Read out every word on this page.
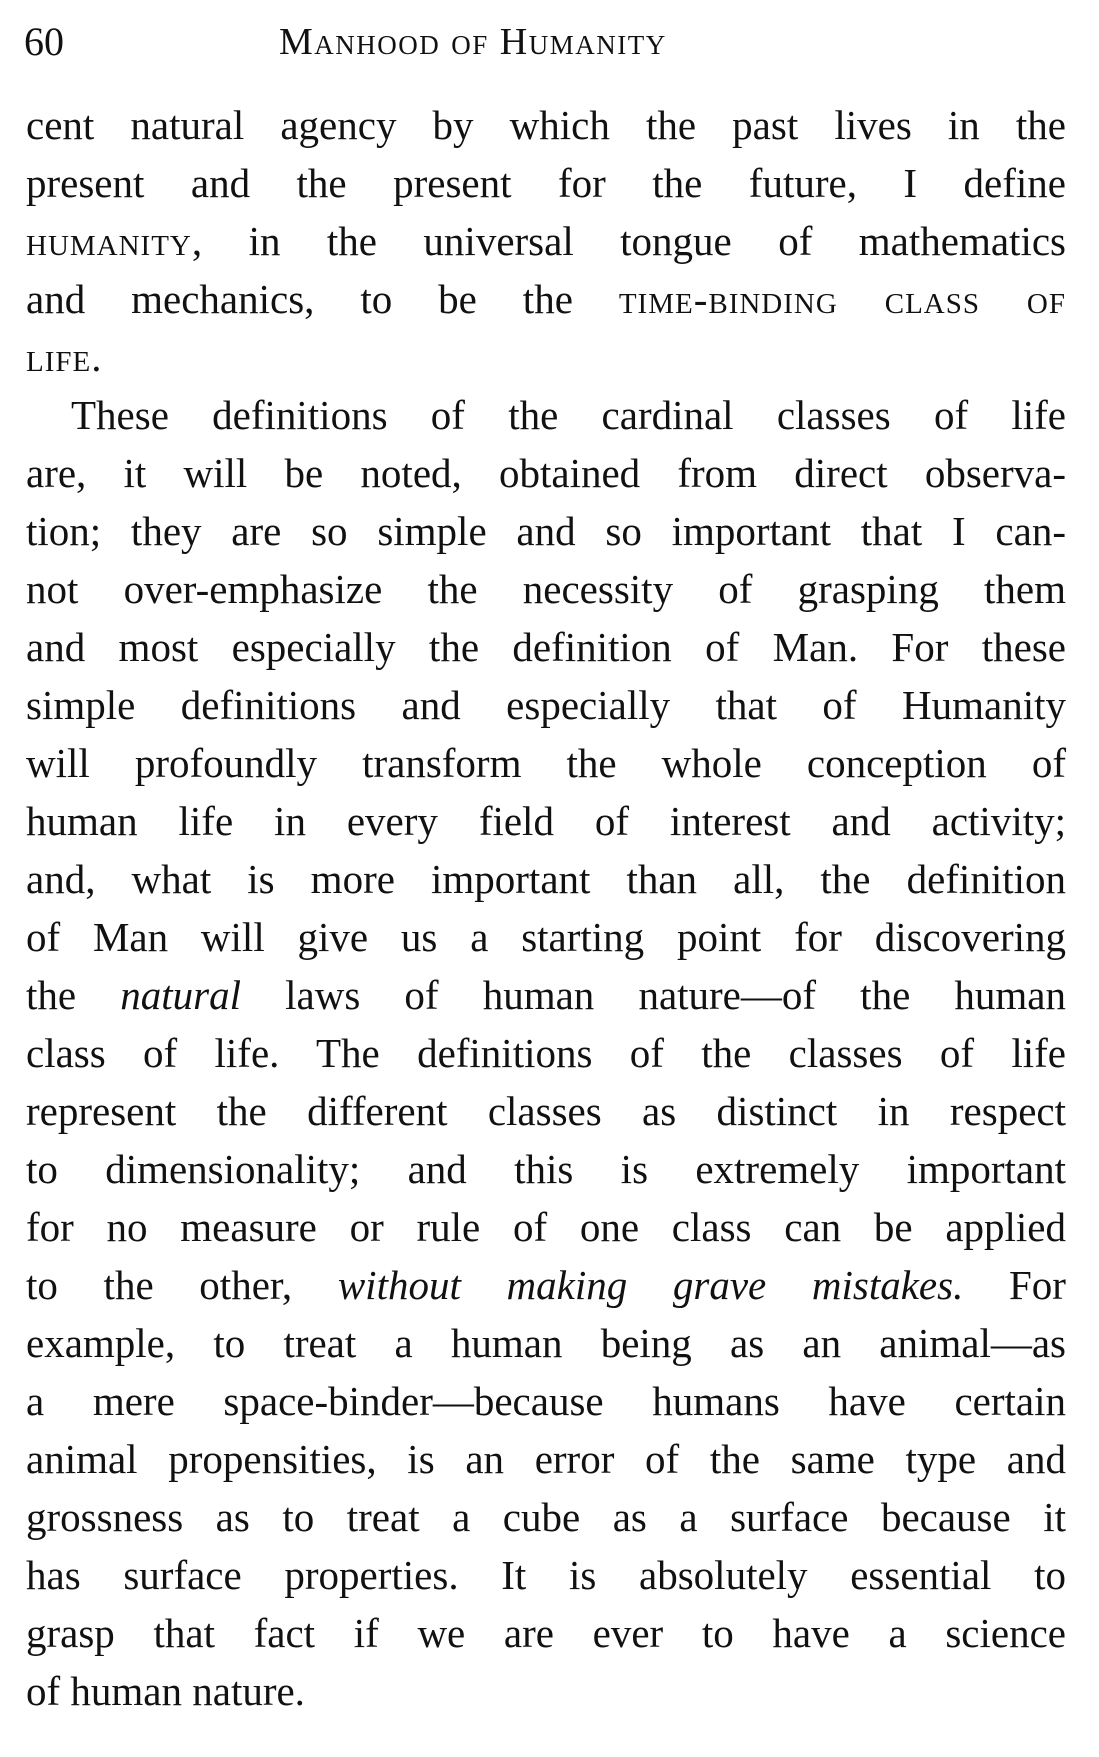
60	Manhood of Humanity
cent natural agency by which the past lives in the
present and the present for the future, I define
humanity, in the universal tongue of mathematics
and mechanics, to be the time-binding class of
life.
These definitions of the cardinal classes of life
are, it will be noted, obtained from direct observa-
tion; they are so simple and so important that I can-
not over-emphasize the necessity of grasping them
and most especially the definition of Man. For these
simple definitions and especially that of Humanity
will profoundly transform the whole conception of
human life in every field of interest and activity;
and, what is more important than all, the definition
of Man will give us a starting point for discovering
the natural laws of human nature—of the human
class of life. The definitions of the classes of life
represent the different classes as distinct in respect
to dimensionality; and this is extremely important
for no measure or rule of one class can be applied
to the other, without making grave mistakes. For
example, to treat a human being as an animal—as
a mere space-binder—because humans have certain
animal propensities, is an error of the same type and
grossness as to treat a cube as a surface because it
has surface properties. It is absolutely essential to
grasp that fact if we are ever to have a science
of human nature.
